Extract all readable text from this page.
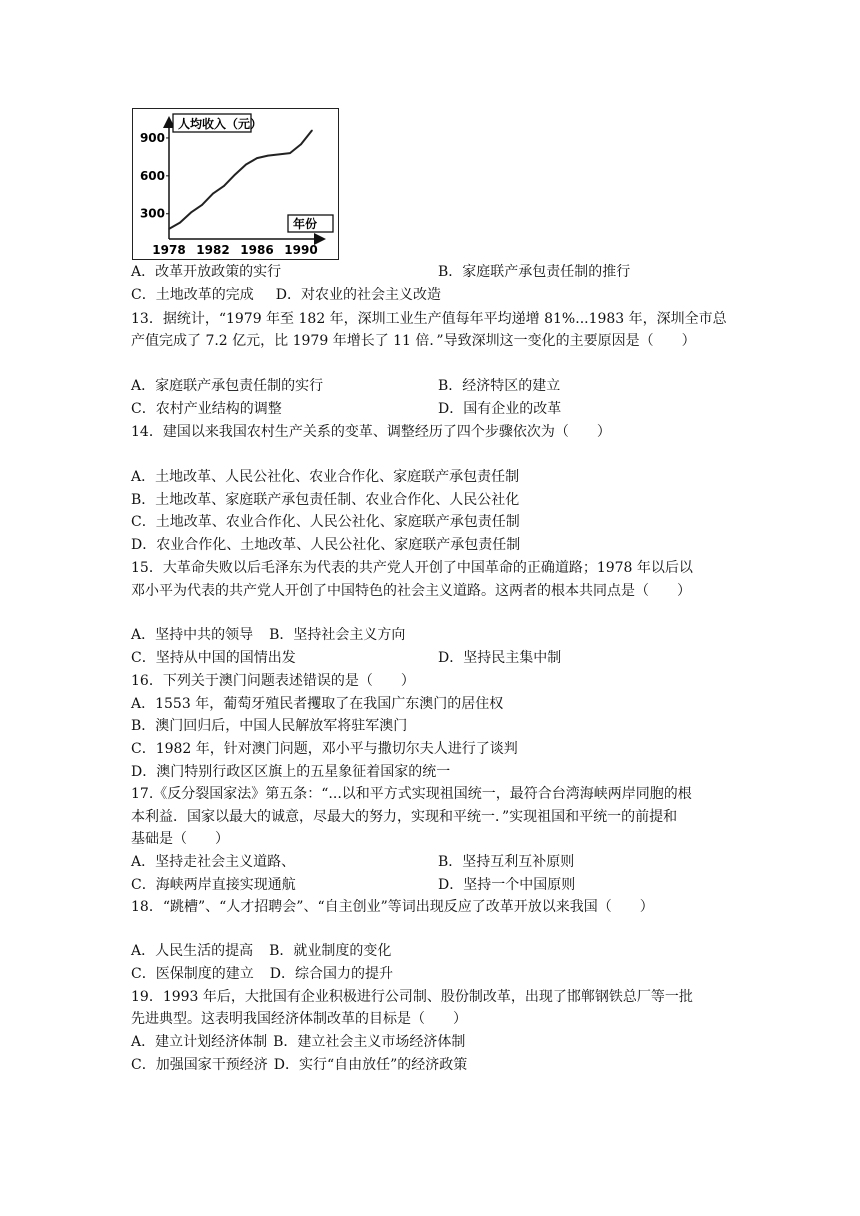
人均收入（元）
年份
300
600
900
1978 1982 1986 1990
A．改革开放政策的实行	B．家庭联产承包责任制的推行
C．土地改革的完成 D．对农业的社会主义改造
13．据统计，“1979 年至 182 年，深圳工业生产值每年平均递增 81%...1983 年，深圳全市总
产值完成了 7.2 亿元，比 1979 年增长了 11 倍．”导致深圳这一变化的主要原因是（　　）
A．家庭联产承包责任制的实行	B．经济特区的建立
C．农村产业结构的调整	D．国有企业的改革
14．建国以来我国农村生产关系的变革、调整经历了四个步骤依次为（　　）
A．土地改革、人民公社化、农业合作化、家庭联产承包责任制
B．土地改革、家庭联产承包责任制、农业合作化、人民公社化
C．土地改革、农业合作化、人民公社化、家庭联产承包责任制
D．农业合作化、土地改革、人民公社化、家庭联产承包责任制
15．大革命失败以后毛泽东为代表的共产党人开创了中国革命的正确道路；1978 年以后以
邓小平为代表的共产党人开创了中国特色的社会主义道路。这两者的根本共同点是（　　）
A．坚持中共的领导 B．坚持社会主义方向
C．坚持从中国的国情出发	D．坚持民主集中制
16．下列关于澳门问题表述错误的是（　　）
A．1553 年，葡萄牙殖民者攫取了在我国广东澳门的居住权
B．澳门回归后，中国人民解放军将驻军澳门
C．1982 年，针对澳门问题，邓小平与撒切尔夫人进行了谈判
D．澳门特别行政区区旗上的五星象征着国家的统一
17.《反分裂国家法》第五条：“...以和平方式实现祖国统一，最符合台湾海峡两岸同胞的根
本利益．国家以最大的诚意，尽最大的努力，实现和平统一．”实现祖国和平统一的前提和
基础是（　　）
A．坚持走社会主义道路、	B．坚持互利互补原则
C．海峡两岸直接实现通航	D．坚持一个中国原则
18．“跳槽”、“人才招聘会”、“自主创业”等词出现反应了改革开放以来我国（　　）
A．人民生活的提高 B．就业制度的变化
C．医保制度的建立 D．综合国力的提升
19．1993 年后，大批国有企业积极进行公司制、股份制改革，出现了邯郸钢铁总厂等一批
先进典型。这表明我国经济体制改革的目标是（　　）
A．建立计划经济体制 B．建立社会主义市场经济体制
C．加强国家干预经济 D．实行“自由放任”的经济政策
